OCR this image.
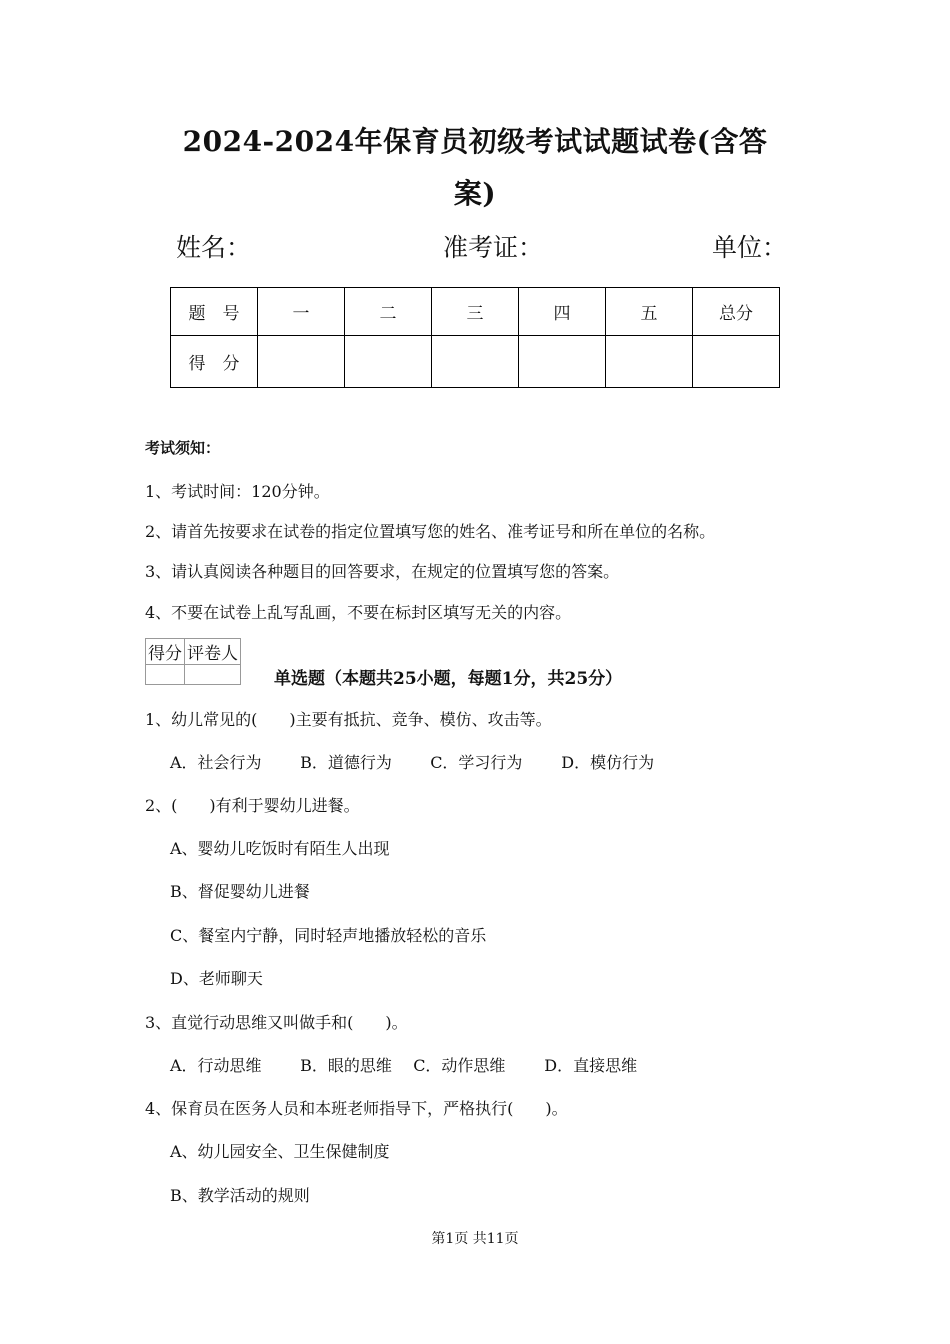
2024-2024年保育员初级考试试题试卷(含答
案)
姓名：	准考证：	单位：
题　号	一	二	三	四	五	总分
得　分						
考试须知：
1、考试时间：120分钟。
2、请首先按要求在试卷的指定位置填写您的姓名、准考证号和所在单位的名称。
3、请认真阅读各种题目的回答要求，在规定的位置填写您的答案。
4、不要在试卷上乱写乱画，不要在标封区填写无关的内容。
得分	评卷人

单选题（本题共25小题，每题1分，共25分）
1、幼儿常见的(　　)主要有抵抗、竞争、模仿、攻击等。
A．社会行为 B．道德行为 C．学习行为 D．模仿行为
2、(　　)有利于婴幼儿进餐。
A、婴幼儿吃饭时有陌生人出现
B、督促婴幼儿进餐
C、餐室内宁静，同时轻声地播放轻松的音乐
D、老师聊天
3、直觉行动思维又叫做手和(　　)。
A．行动思维 B．眼的思维 C．动作思维 D．直接思维
4、保育员在医务人员和本班老师指导下，严格执行(　　)。
A、幼儿园安全、卫生保健制度
B、教学活动的规则
第1页 共11页
